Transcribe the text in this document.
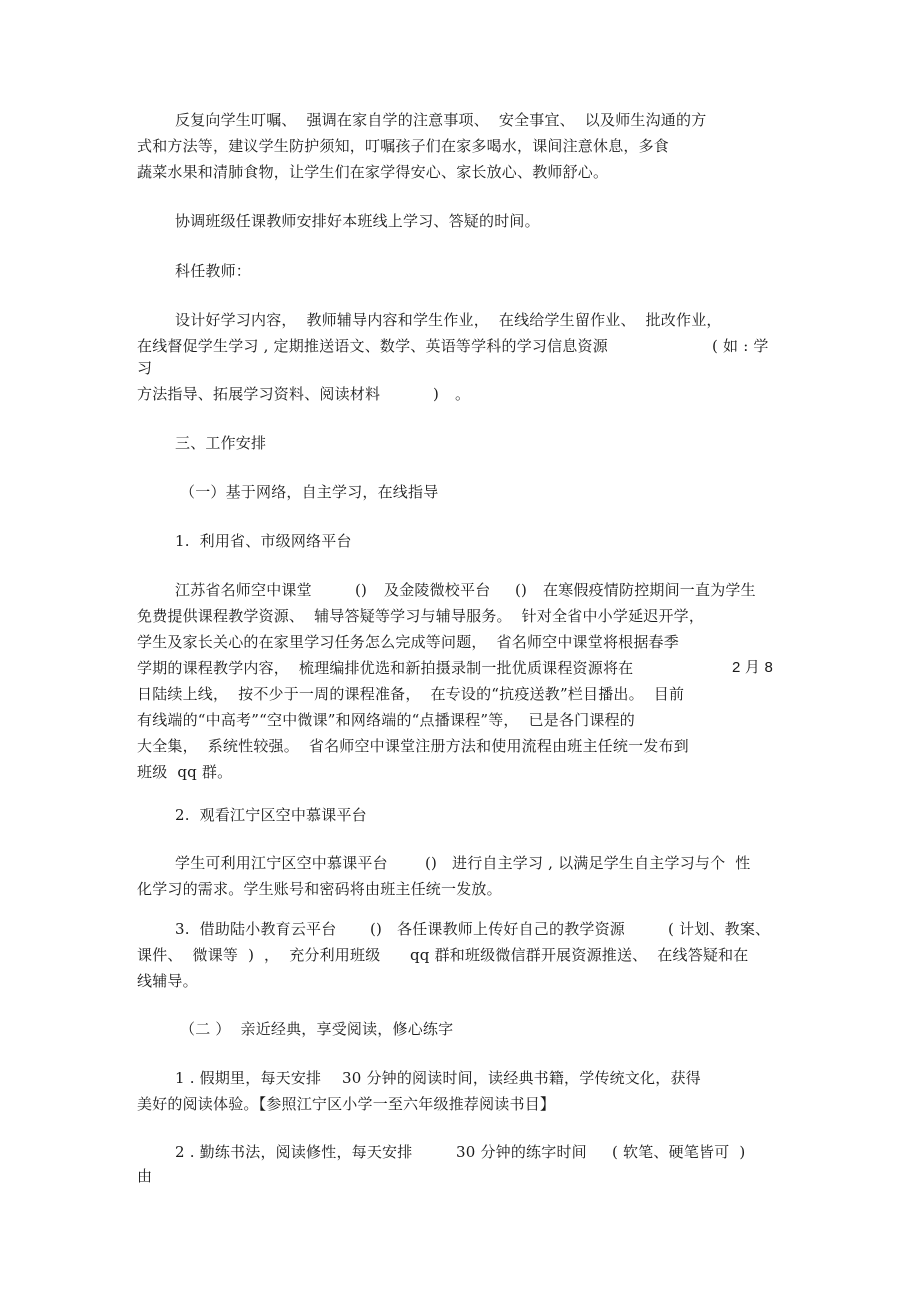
反复向学生叮嘱、  强调在家自学的注意事项、  安全事宜、  以及师生沟通的方
式和方法等，建议学生防护须知，叮嘱孩子们在家多喝水，课间注意休息，多食
蔬菜水果和清肺食物，让学生们在家学得安心、家长放心、教师舒心。
协调班级任课教师安排好本班线上学习、答疑的时间。
科任教师：
设计好学习内容，  教师辅导内容和学生作业，  在线给学生留作业、  批改作业，
在线督促学生学习 , 定期推送语文、数学、英语等学科的学习信息资源	( 如 : 学
习
方法指导、拓展学习资料、阅读材料	) 。
三、工作安排
（一）基于网络，自主学习，在线指导
1.  利用省、市级网络平台
江苏省名师空中课堂	() 及金陵微校平台 () 在寒假疫情防控期间一直为学生
免费提供课程教学资源、  辅导答疑等学习与辅导服务。  针对全省中小学延迟开学，
学生及家长关心的在家里学习任务怎么完成等问题，  省名师空中课堂将根据春季
学期的课程教学内容，  梳理编排优选和新拍摄录制一批优质课程资源将在	2 月 8
日陆续上线，  按不少于一周的课程准备，  在专设的“抗疫送教”栏目播出。  目前
有线端的“中高考”“空中微课”和网络端的“点播课程”等，  已是各门课程的
大全集，  系统性较强。  省名师空中课堂注册方法和使用流程由班主任统一发布到
班级  qq 群。
2.  观看江宁区空中慕课平台
学生可利用江宁区空中慕课平台 () 进行自主学习 , 以满足学生自主学习与个  性
化学习的需求。学生账号和密码将由班主任统一发放。
3.  借助陆小教育云平台 () 各任课教师上传好自己的教学资源	( 计划、教案、
课件、  微课等  )  ，  充分利用班级 qq 群和班级微信群开展资源推送、  在线答疑和在
线辅导。
（二 ）  亲近经典，享受阅读，修心练字
1 . 假期里，每天安排 30 分钟的阅读时间，读经典书籍，学传统文化，获得
美好的阅读体验。【参照江宁区小学一至六年级推荐阅读书目】
2 . 勤练书法，阅读修性，每天安排	30 分钟的练字时间 ( 软笔、硬笔皆可  )
由
